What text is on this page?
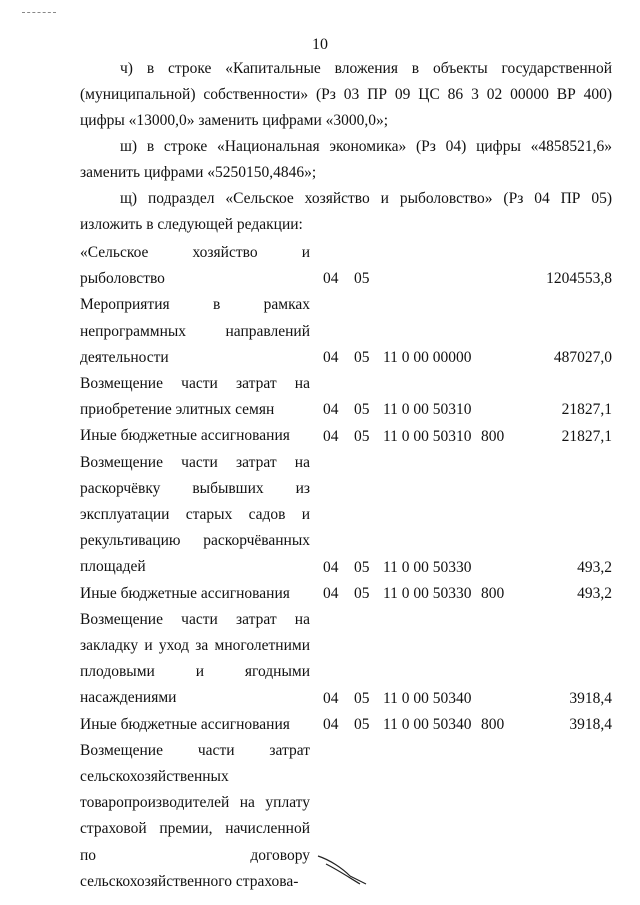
10
ч) в строке «Капитальные вложения в объекты государственной (муниципальной) собственности» (Рз 03 ПР 09 ЦС 86 3 02 00000 ВР 400) цифры «13000,0» заменить цифрами «3000,0»;
ш) в строке «Национальная экономика» (Рз 04) цифры «4858521,6» заменить цифрами «5250150,4846»;
щ) подраздел «Сельское хозяйство и рыболовство» (Рз 04 ПР 05) изложить в следующей редакции:
«Сельское хозяйство и рыболовство	04 05	1204553,8
Мероприятия в рамках непрограммных направлений деятельности	04 05 11 0 00 00000	487027,0
Возмещение части затрат на приобретение элитных семян	04 05 11 0 00 50310	21827,1
Иные бюджетные ассигнования	04 05 11 0 00 50310 800	21827,1
Возмещение части затрат на раскорчёвку выбывших из эксплуатации старых садов и рекультивацию раскорчёванных площадей	04 05 11 0 00 50330	493,2
Иные бюджетные ассигнования	04 05 11 0 00 50330 800	493,2
Возмещение части затрат на закладку и уход за многолетними плодовыми и ягодными насаждениями	04 05 11 0 00 50340	3918,4
Иные бюджетные ассигнования	04 05 11 0 00 50340 800	3918,4
Возмещение части затрат сельскохозяйственных товаропроизводителей на уплату страховой премии, начисленной по договору сельскохозяйственного страхова-
